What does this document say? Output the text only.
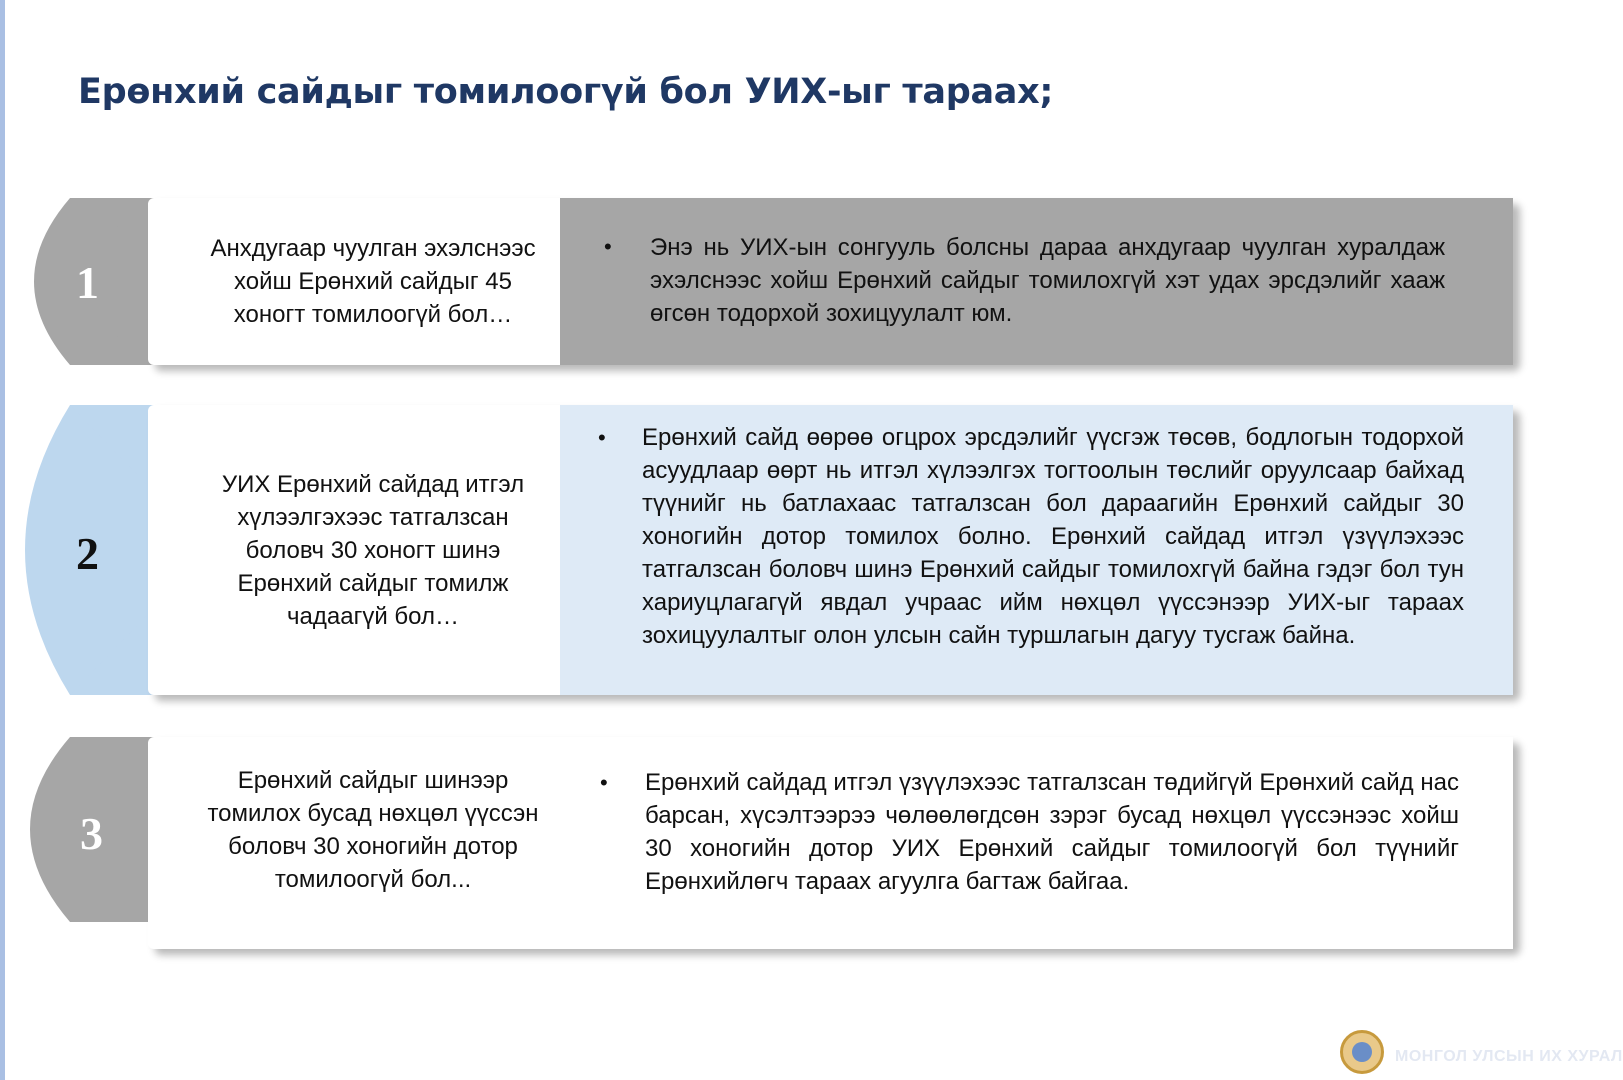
Ерөнхий сайдыг томилоогүй бол УИХ-ыг тараах;
1
Анхдугаар чуулган эхэлснээс хойш Ерөнхий сайдыг 45 хоногт томилоогүй бол…
• Энэ нь УИХ-ын сонгууль болсны дараа анхдугаар чуулган хуралдаж эхэлснээс хойш Ерөнхий сайдыг томилохгүй хэт удах эрсдэлийг хааж өгсөн тодорхой зохицуулалт юм.
2
УИХ Ерөнхий сайдад итгэл хүлээлгэхээс татгалзсан боловч 30 хоногт шинэ Ерөнхий сайдыг томилж чадаагүй бол…
• Ерөнхий сайд өөрөө огцрох эрсдэлийг үүсгэж төсөв, бодлогын тодорхой асуудлаар өөрт нь итгэл хүлээлгэх тогтоолын төслийг оруулсаар байхад түүнийг нь батлахаас татгалзсан бол дараагийн Ерөнхий сайдыг 30 хоногийн дотор томилох болно. Ерөнхий сайдад итгэл үзүүлэхээс татгалзсан боловч шинэ Ерөнхий сайдыг томилохгүй байна гэдэг бол тун хариуцлагагүй явдал учраас ийм нөхцөл үүссэнээр УИХ-ыг тараах зохицуулалтыг олон улсын сайн туршлагын дагуу тусгаж байна.
3
Ерөнхий сайдыг шинээр томилох бусад нөхцөл үүссэн боловч 30 хоногийн дотор томилоогүй бол...
• Ерөнхий сайдад итгэл үзүүлэхээс татгалзсан төдийгүй Ерөнхий сайд нас барсан, хүсэлтээрээ чөлөөлөгдсөн зэрэг бусад нөхцөл үүссэнээс хойш 30 хоногийн дотор УИХ Ерөнхий сайдыг томилоогүй бол түүнийг Ерөнхийлөгч тараах агуулга багтаж байгаа.
МОНГОЛ УЛСЫН ИХ ХУРАЛ
